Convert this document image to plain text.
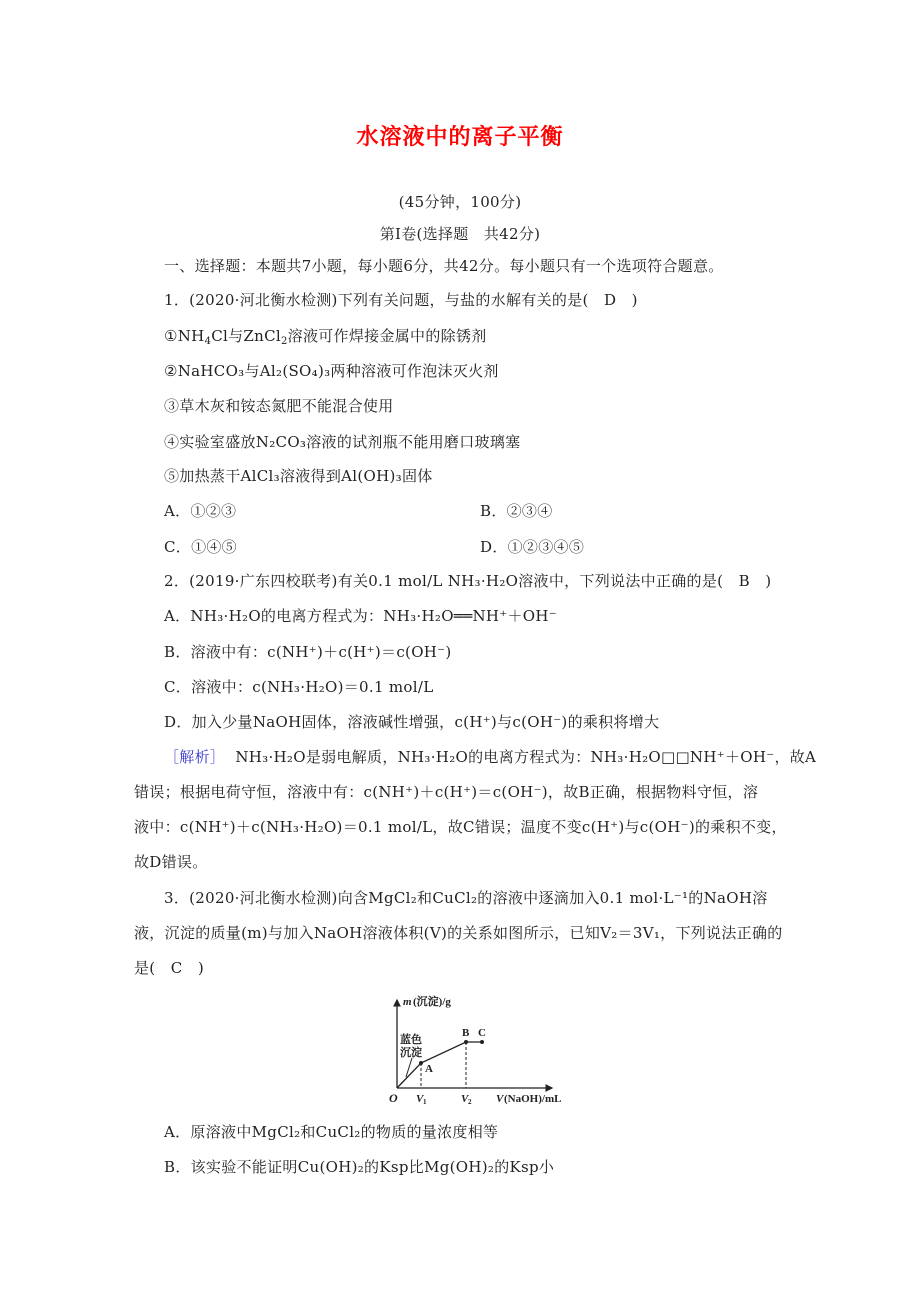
水溶液中的离子平衡
(45分钟，100分)
第Ⅰ卷(选择题　共42分)
一、选择题：本题共7小题，每小题6分，共42分。每小题只有一个选项符合题意。
1．(2020·河北衡水检测)下列有关问题，与盐的水解有关的是(　D　)
$①NH_4Cl$与ZnCl$_2$溶液可作焊接金属中的除锈剂
②NaHCO₃与Al₂(SO₄)₃两种溶液可作泡沫灭火剂
③草木灰和铵态氮肥不能混合使用
④实验室盛放N₂CO₃溶液的试剂瓶不能用磨口玻璃塞
⑤加热蒸干AlCl₃溶液得到Al(OH)₃固体
A．①②③	B．②③④
C．①④⑤	D．①②③④⑤
2．(2019·广东四校联考)有关0.1 mol/L NH₃·H₂O溶液中，下列说法中正确的是(　B　)
A．NH₃·H₂O的电离方程式为：NH₃·H₂O══NH⁺＋OH⁻
B．溶液中有：c(NH⁺)＋c(H⁺)＝c(OH⁻)
C．溶液中：c(NH₃·H₂O)＝0.1 mol/L
D．加入少量NaOH固体，溶液碱性增强，c(H⁺)与c(OH⁻)的乘积将增大
［解析］ NH₃·H₂O是弱电解质，NH₃·H₂O的电离方程式为：NH₃·H₂O□□NH⁺＋OH⁻，故A
错误；根据电荷守恒，溶液中有：c(NH⁺)＋c(H⁺)＝c(OH⁻)，故B正确，根据物料守恒，溶
液中：c(NH⁺)＋c(NH₃·H₂O)＝0.1 mol/L，故C错误；温度不变c(H⁺)与c(OH⁻)的乘积不变，
故D错误。
3．(2020·河北衡水检测)向含MgCl₂和CuCl₂的溶液中逐滴加入0.1 mol·L⁻¹的NaOH溶
液，沉淀的质量(m)与加入NaOH溶液体积(V)的关系如图所示，已知V₂＝3V₁，下列说法正确的
是(　C　)
m (沉淀)/g
蓝色
沉淀
A
B C
O V 1	V 2 V (NaOH)/mL
A．原溶液中MgCl₂和CuCl₂的物质的量浓度相等
B．该实验不能证明Cu(OH)₂的Ksp比Mg(OH)₂的Ksp小
